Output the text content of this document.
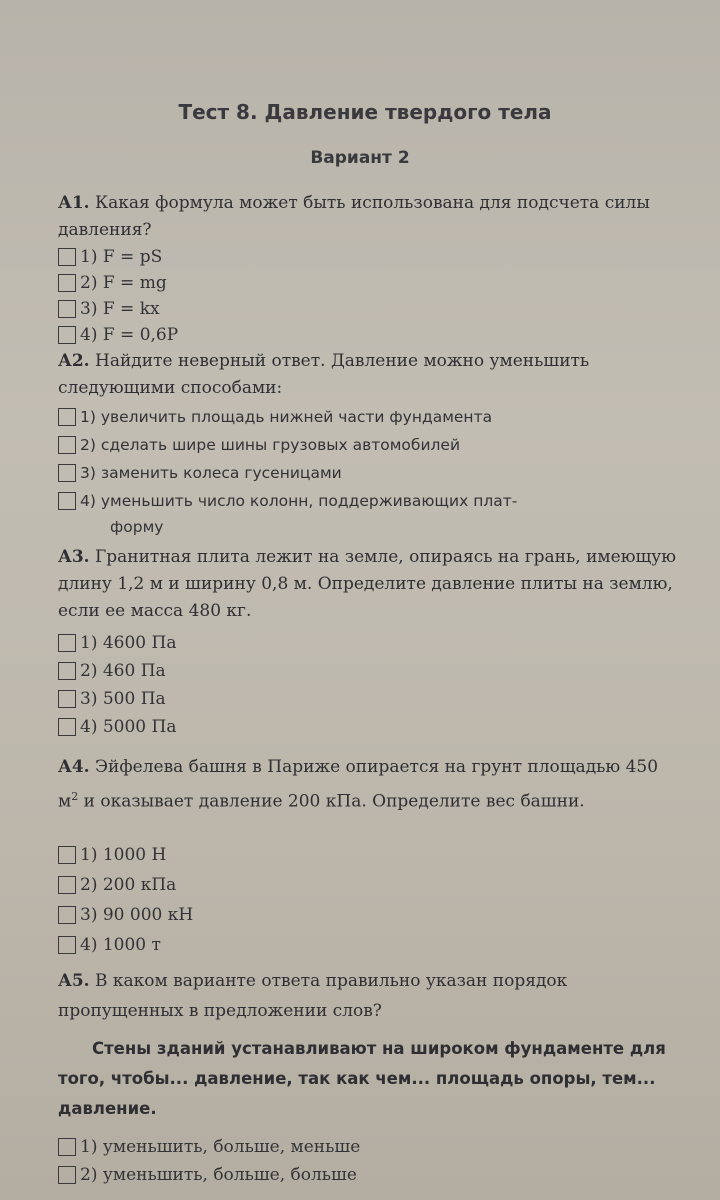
Тест 8. Давление твердого тела
Вариант 2
А1. Какая формула может быть использована для подсчета силы давления?
1) F = pS
2) F = mg
3) F = kx
4) F = 0,6P
А2. Найдите неверный ответ. Давление можно уменьшить следующими способами:
1) увеличить площадь нижней части фундамента
2) сделать шире шины грузовых автомобилей
3) заменить колеса гусеницами
4) уменьшить число колонн, поддерживающих плат-
форму
А3. Гранитная плита лежит на земле, опираясь на грань, имеющую длину 1,2 м и ширину 0,8 м. Определите давление плиты на землю, если ее масса 480 кг.
1) 4600 Па
2) 460 Па
3) 500 Па
4) 5000 Па
А4. Эйфелева башня в Париже опирается на грунт площадью 450 $м^2$ и оказывает давление 200 кПа. Определите вес башни.
1) 1000 Н
2) 200 кПа
3) 90 000 кН
4) 1000 т
А5. В каком варианте ответа правильно указан порядок пропущенных в предложении слов?
Стены зданий устанавливают на широком фундаменте для того, чтобы... давление, так как чем... площадь опоры, тем... давление.
1) уменьшить, больше, меньше
2) уменьшить, больше, больше
